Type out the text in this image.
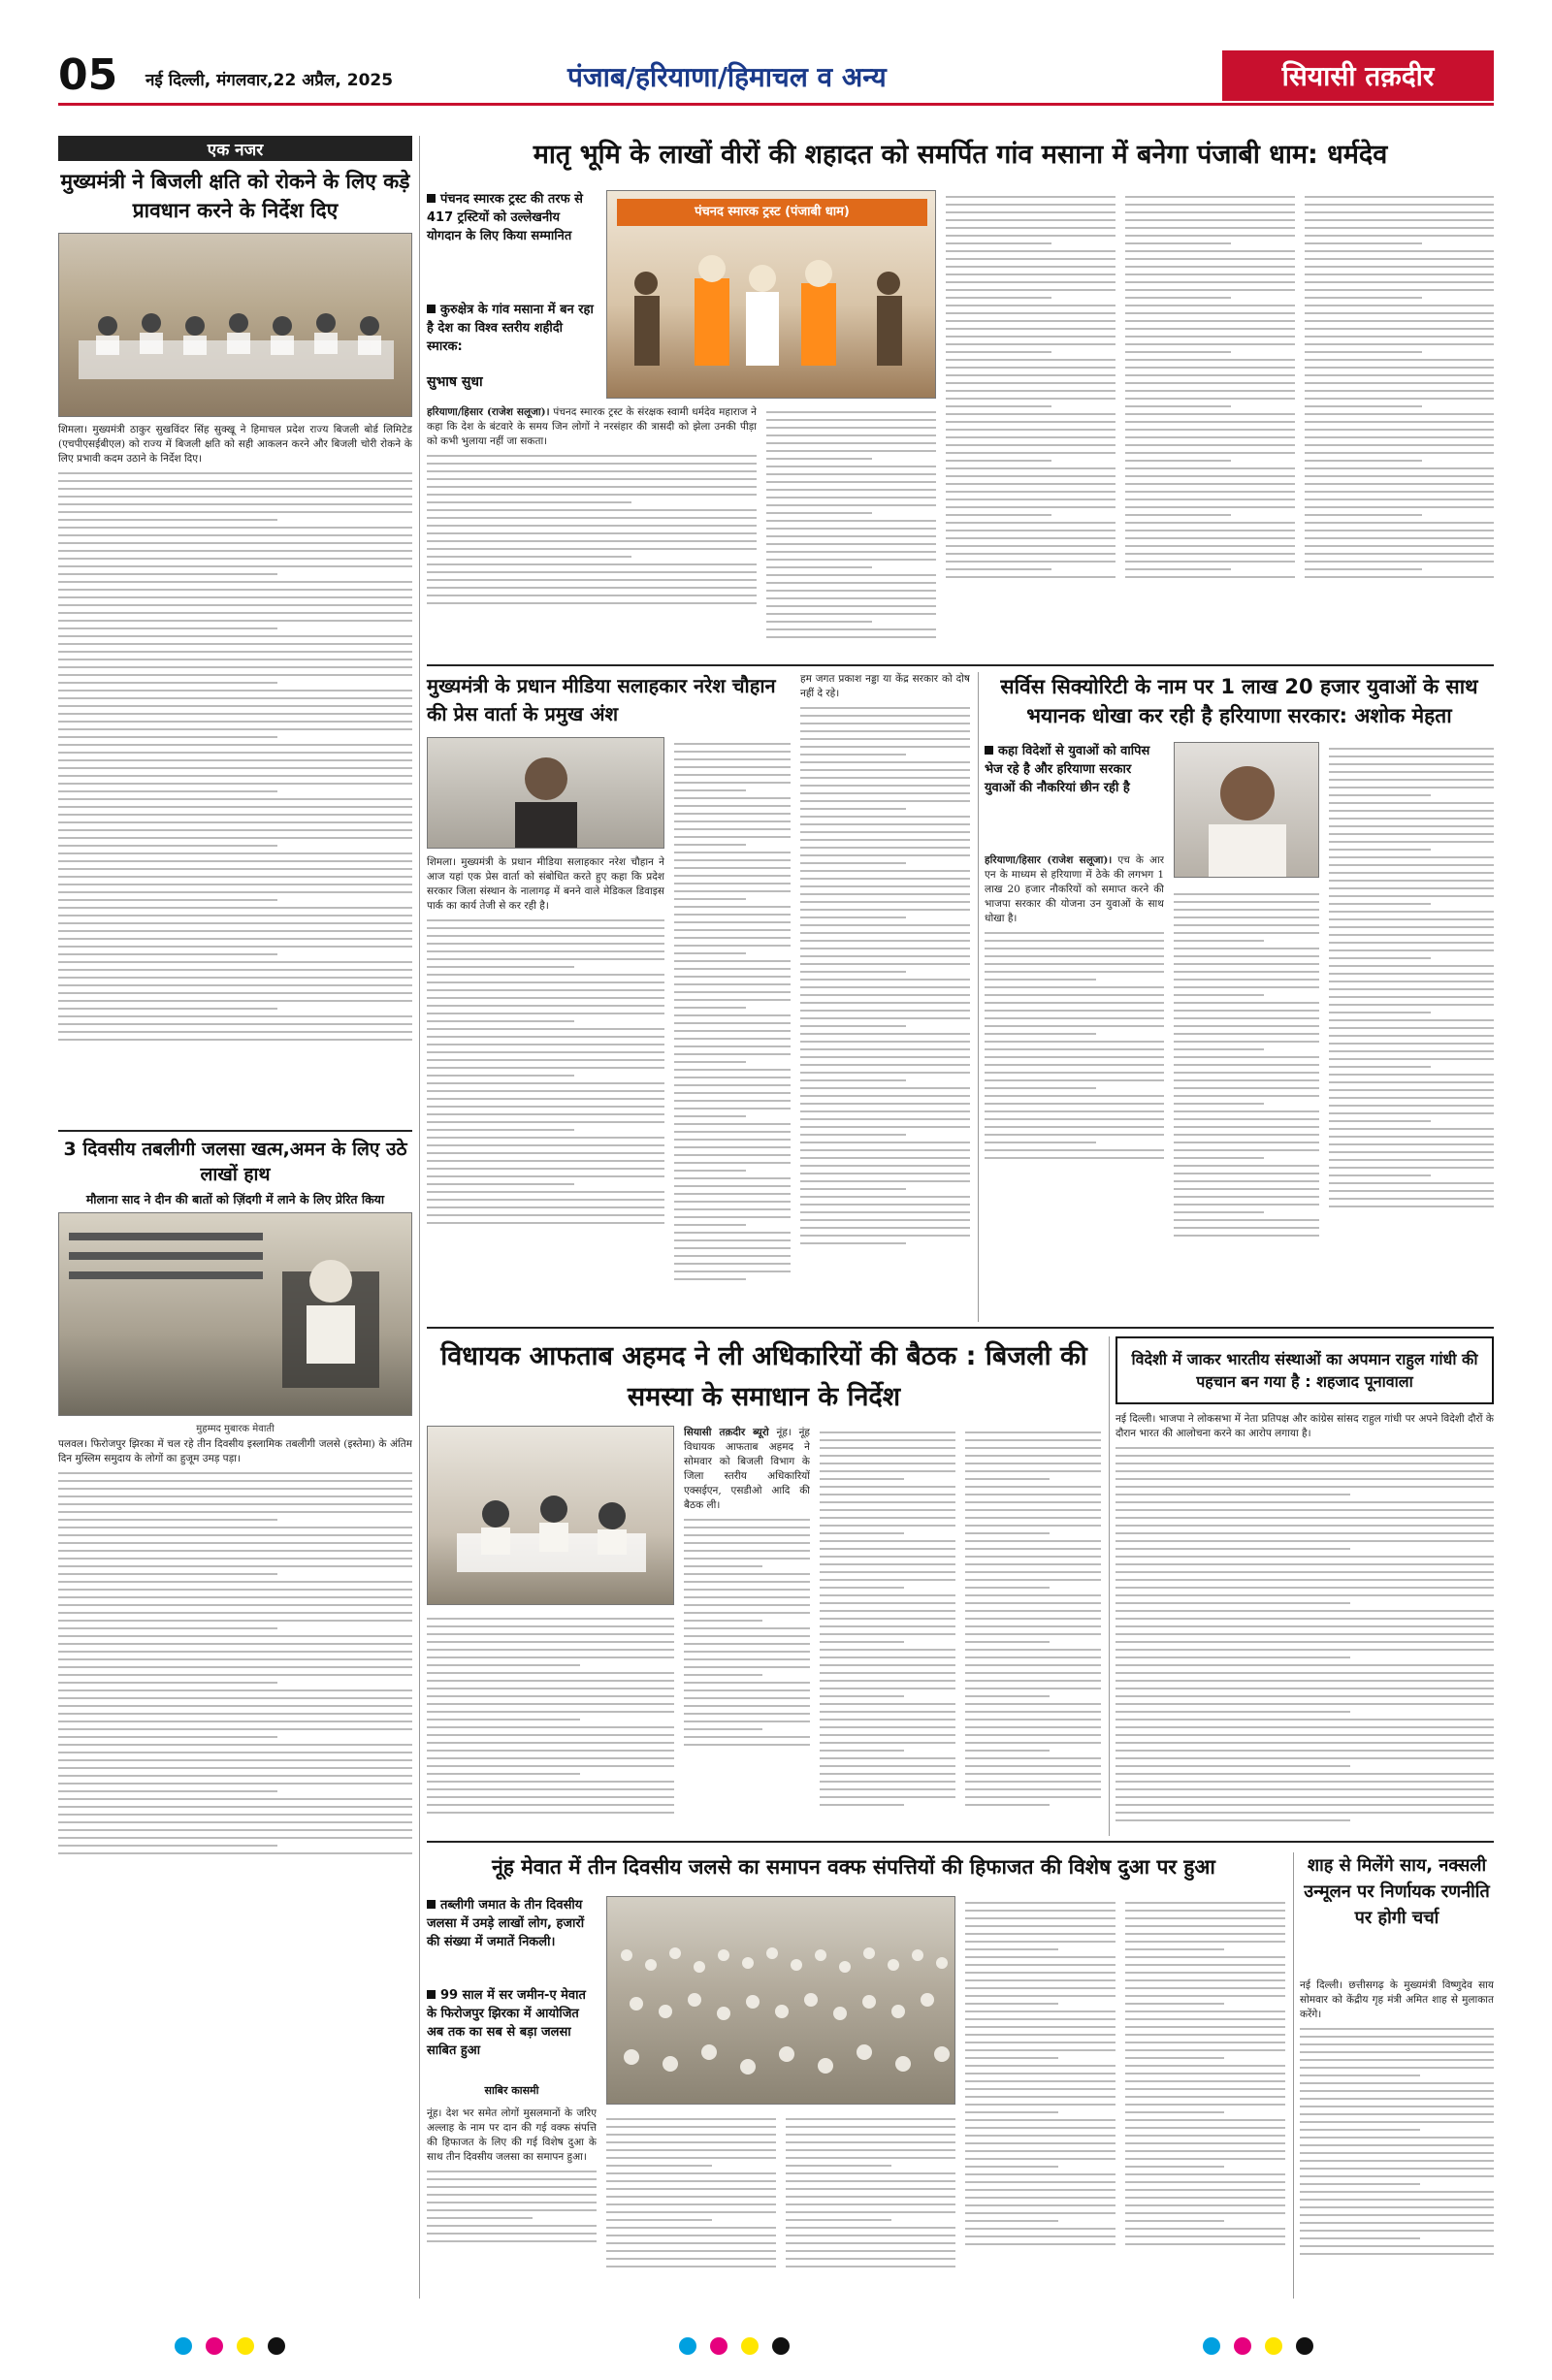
05 नई दिल्ली, मंगलवार,22 अप्रैल, 2025	पंजाब/हरियाणा/हिमाचल व अन्य	सियासी तक़दीर
एक नजर
मुख्यमंत्री ने बिजली क्षति को रोकने के लिए कड़े प्रावधान करने के निर्देश दिए
शिमला। मुख्यमंत्री ठाकुर सुखविंदर सिंह सुक्खू ने हिमाचल प्रदेश राज्य बिजली बोर्ड लिमिटेड (एचपीएसईबीएल) को राज्य में बिजली क्षति को सही आकलन करने और बिजली चोरी रोकने के लिए प्रभावी कदम उठाने के निर्देश दिए।
3 दिवसीय तबलीगी जलसा खत्म,अमन के लिए उठे लाखों हाथ
मौलाना साद ने दीन की बातों को ज़िंदगी में लाने के लिए प्रेरित किया
मुहम्मद मुबारक मेवाती
पलवल। फिरोजपुर झिरका में चल रहे तीन दिवसीय इस्लामिक तबलीगी जलसे (इस्तेमा) के अंतिम दिन मुस्लिम समुदाय के लोगों का हुजूम उमड़ पड़ा।
मातृ भूमि के लाखों वीरों की शहादत को समर्पित गांव मसाना में बनेगा पंजाबी धाम: धर्मदेव
पंचनद स्मारक ट्रस्ट की तरफ से 417 ट्रस्टियों को उल्लेखनीय योगदान के लिए किया सम्मानित
कुरुक्षेत्र के गांव मसाना में बन रहा है देश का विश्व स्तरीय शहीदी स्मारक:
सुभाष सुधा
पंचनद स्मारक ट्रस्ट (पंजाबी धाम)
हरियाणा/हिसार (राजेश सलूजा)। पंचनद स्मारक ट्रस्ट के संरक्षक स्वामी धर्मदेव महाराज ने कहा कि देश के बंटवारे के समय जिन लोगों ने नरसंहार की त्रासदी को झेला उनकी पीड़ा को कभी भुलाया नहीं जा सकता।
मुख्यमंत्री के प्रधान मीडिया सलाहकार नरेश चौहान की प्रेस वार्ता के प्रमुख अंश
शिमला। मुख्यमंत्री के प्रधान मीडिया सलाहकार नरेश चौहान ने आज यहां एक प्रेस वार्ता को संबोधित करते हुए कहा कि प्रदेश सरकार जिला संस्थान के नालागढ़ में बनने वाले मेडिकल डिवाइस पार्क का कार्य तेजी से कर रही है।
हम जगत प्रकाश नड्डा या केंद्र सरकार को दोष नहीं दे रहे।	सर्विस सिक्योरिटी के नाम पर 1 लाख 20 हजार युवाओं के साथ भयानक धोखा कर रही है हरियाणा सरकार: अशोक मेहता
कहा विदेशों से युवाओं को वापिस भेज रहे है और हरियाणा सरकार युवाओं की नौकरियां छीन रही है
हरियाणा/हिसार (राजेश सलूजा)। एच के आर एन के माध्यम से हरियाणा में ठेके की लगभग 1 लाख 20 हजार नौकरियों को समाप्त करने की भाजपा सरकार की योजना उन युवाओं के साथ धोखा है।
विधायक आफताब अहमद ने ली अधिकारियों की बैठक : बिजली की समस्या के समाधान के निर्देश
सियासी तक़दीर ब्यूरो नूंह। नूंह विधायक आफताब अहमद ने सोमवार को बिजली विभाग के जिला स्तरीय अधिकारियों एक्सईएन, एसडीओ आदि की बैठक ली।
विदेशी में जाकर भारतीय संस्थाओं का अपमान राहुल गांधी की पहचान बन गया है : शहजाद पूनावाला
नई दिल्ली। भाजपा ने लोकसभा में नेता प्रतिपक्ष और कांग्रेस सांसद राहुल गांधी पर अपने विदेशी दौरों के दौरान भारत की आलोचना करने का आरोप लगाया है।
नूंह मेवात में तीन दिवसीय जलसे का समापन वक्फ संपत्तियों की हिफाजत की विशेष दुआ पर हुआ
तब्लीगी जमात के तीन दिवसीय जलसा में उमड़े लाखों लोग, हजारों की संख्या में जमातें निकली।
99 साल में सर जमीन-ए मेवात के फिरोजपुर झिरका में आयोजित अब तक का सब से बड़ा जलसा साबित हुआ
साबिर कासमी
नूंह। देश भर समेत लोगों मुसलमानों के जरिए अल्लाह के नाम पर दान की गई वक्फ संपत्ति की हिफाजत के लिए की गई विशेष दुआ के साथ तीन दिवसीय जलसा का समापन हुआ।
शाह से मिलेंगे साय, नक्सली उन्मूलन पर निर्णायक रणनीति पर होगी चर्चा
नई दिल्ली। छत्तीसगढ़ के मुख्यमंत्री विष्णुदेव साय सोमवार को केंद्रीय गृह मंत्री अमित शाह से मुलाकात करेंगे।
